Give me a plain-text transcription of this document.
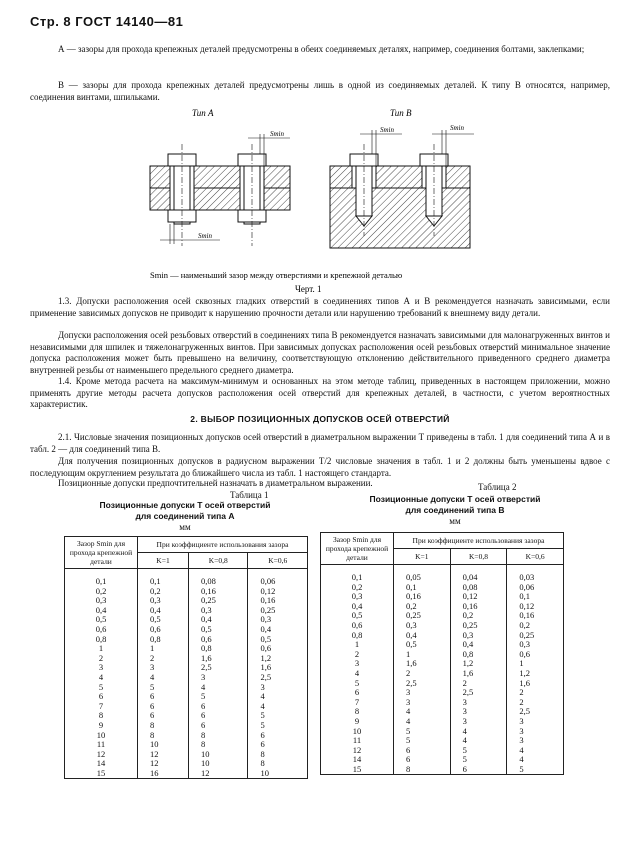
Стр. 8 ГОСТ 14140—81
А — зазоры для прохода крепежных деталей предусмотрены в обеих соединяемых деталях, например, соединения болтами, заклепками;
В — зазоры для прохода крепежных деталей предусмотрены лишь в одной из соединяемых деталей. К типу В относятся, например, соединения винтами, шпильками.
Тип А	Тип В
Smin
Smin
Smin	Smin
Smin — наименьший зазор между отверстиями и крепежной деталью
Черт. 1
1.3. Допуски расположения осей сквозных гладких отверстий в соединениях типов А и В рекомендуется назначать зависимыми, если применение зависимых допусков не приводит к нарушению прочности детали или нарушению требований к внешнему виду детали.
Допуски расположения осей резьбовых отверстий в соединениях типа В рекомендуется назначать зависимыми для малонагруженных винтов и независимыми для шпилек и тяжелонагруженных винтов. При зависимых допусках расположения осей резьбовых отверстий минимальное значение допуска расположения может быть превышено на величину, соответствующую отклонению действительного приведенного среднего диаметра внутренней резьбы от наименьшего предельного среднего диаметра.
1.4. Кроме метода расчета на максимум-минимум и основанных на этом методе таблиц, приведенных в настоящем приложении, можно применять другие методы расчета допусков расположения осей отверстий для крепежных деталей, в частности, с учетом вероятностных характеристик.
2. ВЫБОР ПОЗИЦИОННЫХ ДОПУСКОВ ОСЕЙ ОТВЕРСТИЙ
2.1. Числовые значения позиционных допусков осей отверстий в диаметральном выражении Т приведены в табл. 1 для соединений типа А и в табл. 2 — для соединений типа В.
Для получения позиционных допусков в радиусном выражении Т/2 числовые значения в табл. 1 и 2 должны быть уменьшены вдвое с последующим округлением результата до ближайшего числа из табл. 1 настоящего стандарта.
Позиционные допуски предпочтительней назначать в диаметральном выражении.
Таблица 1
Позиционные допуски Т осей отверстий
для соединений типа А
мм
Зазор Smin для прохода крепежной детали	При коэффициенте использования зазора		
	K=1	K=0,8	K=0,6
0,1	0,1	0,08	0,06
0,2	0,2	0,16	0,12
0,3	0,3	0,25	0,16
0,4	0,4	0,3	0,25
0,5	0,5	0,4	0,3
0,6	0,6	0,5	0,4
0,8	0,8	0,6	0,5
1	1	0,8	0,6
2	2	1,6	1,2
3	3	2,5	1,6
4	4	3	2,5
5	5	4	3
6	6	5	4
7	6	6	4
8	6	6	5
9	8	6	5
10	8	8	6
11	10	8	6
12	12	10	8
14	12	10	8
15	16	12	10
Таблица 2
Позиционные допуски Т осей отверстий
для соединений типа В
мм
Зазор Smin для прохода крепежной детали	При коэффициенте использования зазора		
	K=1	K=0,8	K=0,6
0,1	0,05	0,04	0,03
0,2	0,1	0,08	0,06
0,3	0,16	0,12	0,1
0,4	0,2	0,16	0,12
0,5	0,25	0,2	0,16
0,6	0,3	0,25	0,2
0,8	0,4	0,3	0,25
1	0,5	0,4	0,3
2	1	0,8	0,6
3	1,6	1,2	1
4	2	1,6	1,2
5	2,5	2	1,6
6	3	2,5	2
7	3	3	2
8	4	3	2,5
9	4	3	3
10	5	4	3
11	5	4	3
12	6	5	4
14	6	5	4
15	8	6	5
